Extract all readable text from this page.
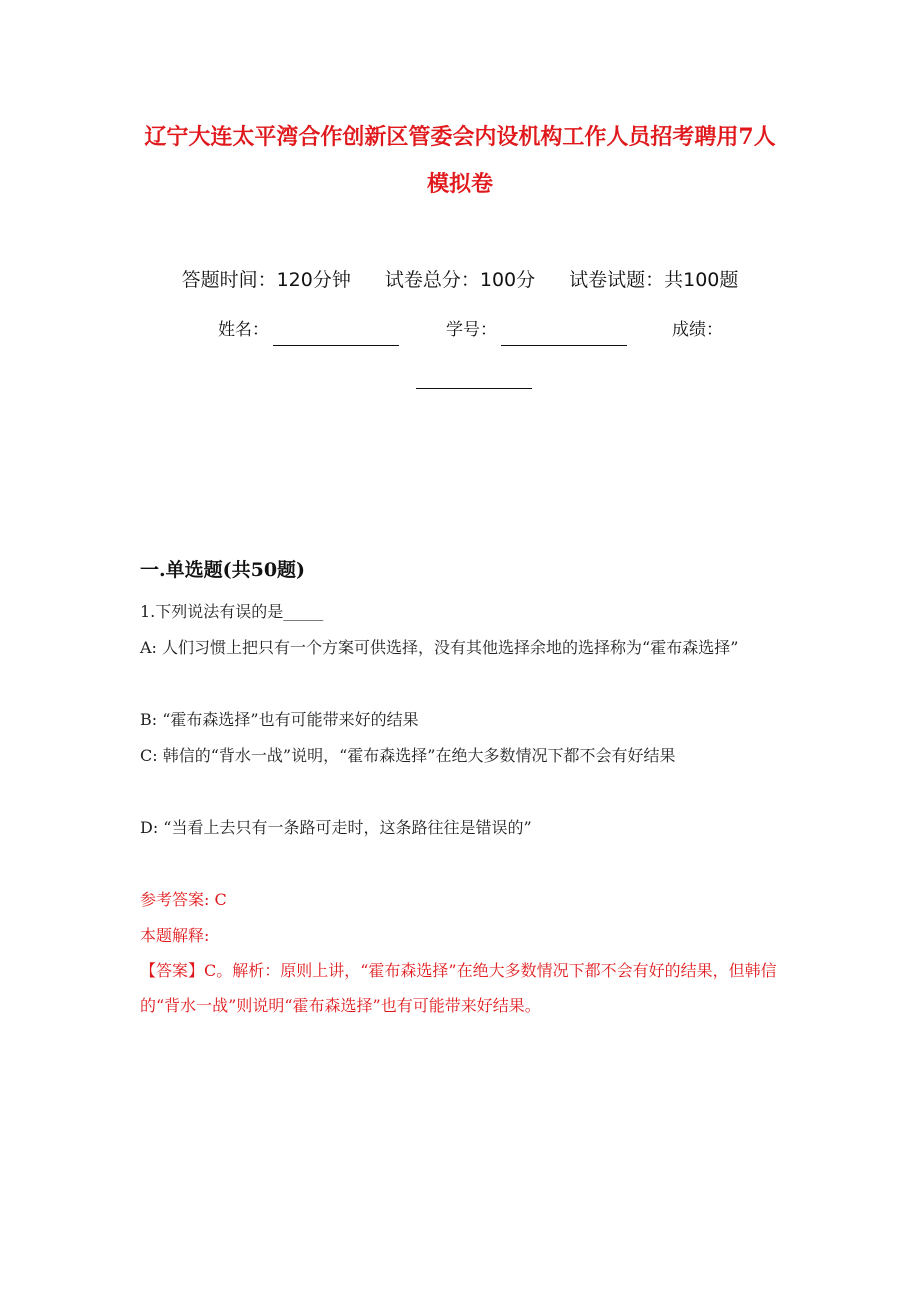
辽宁大连太平湾合作创新区管委会内设机构工作人员招考聘用7人
模拟卷
答题时间：120分钟 试卷总分：100分 试卷试题：共100题
姓名：	学号：	成绩：
一.单选题(共50题)
1.下列说法有误的是_____
A: 人们习惯上把只有一个方案可供选择，没有其他选择余地的选择称为“霍布森选择”
B: “霍布森选择”也有可能带来好的结果
C: 韩信的“背水一战”说明，“霍布森选择”在绝大多数情况下都不会有好结果
D: “当看上去只有一条路可走时，这条路往往是错误的”
参考答案: C
本题解释:
【答案】C。解析：原则上讲，“霍布森选择”在绝大多数情况下都不会有好的结果，但韩信的“背水一战”则说明“霍布森选择”也有可能带来好结果。
